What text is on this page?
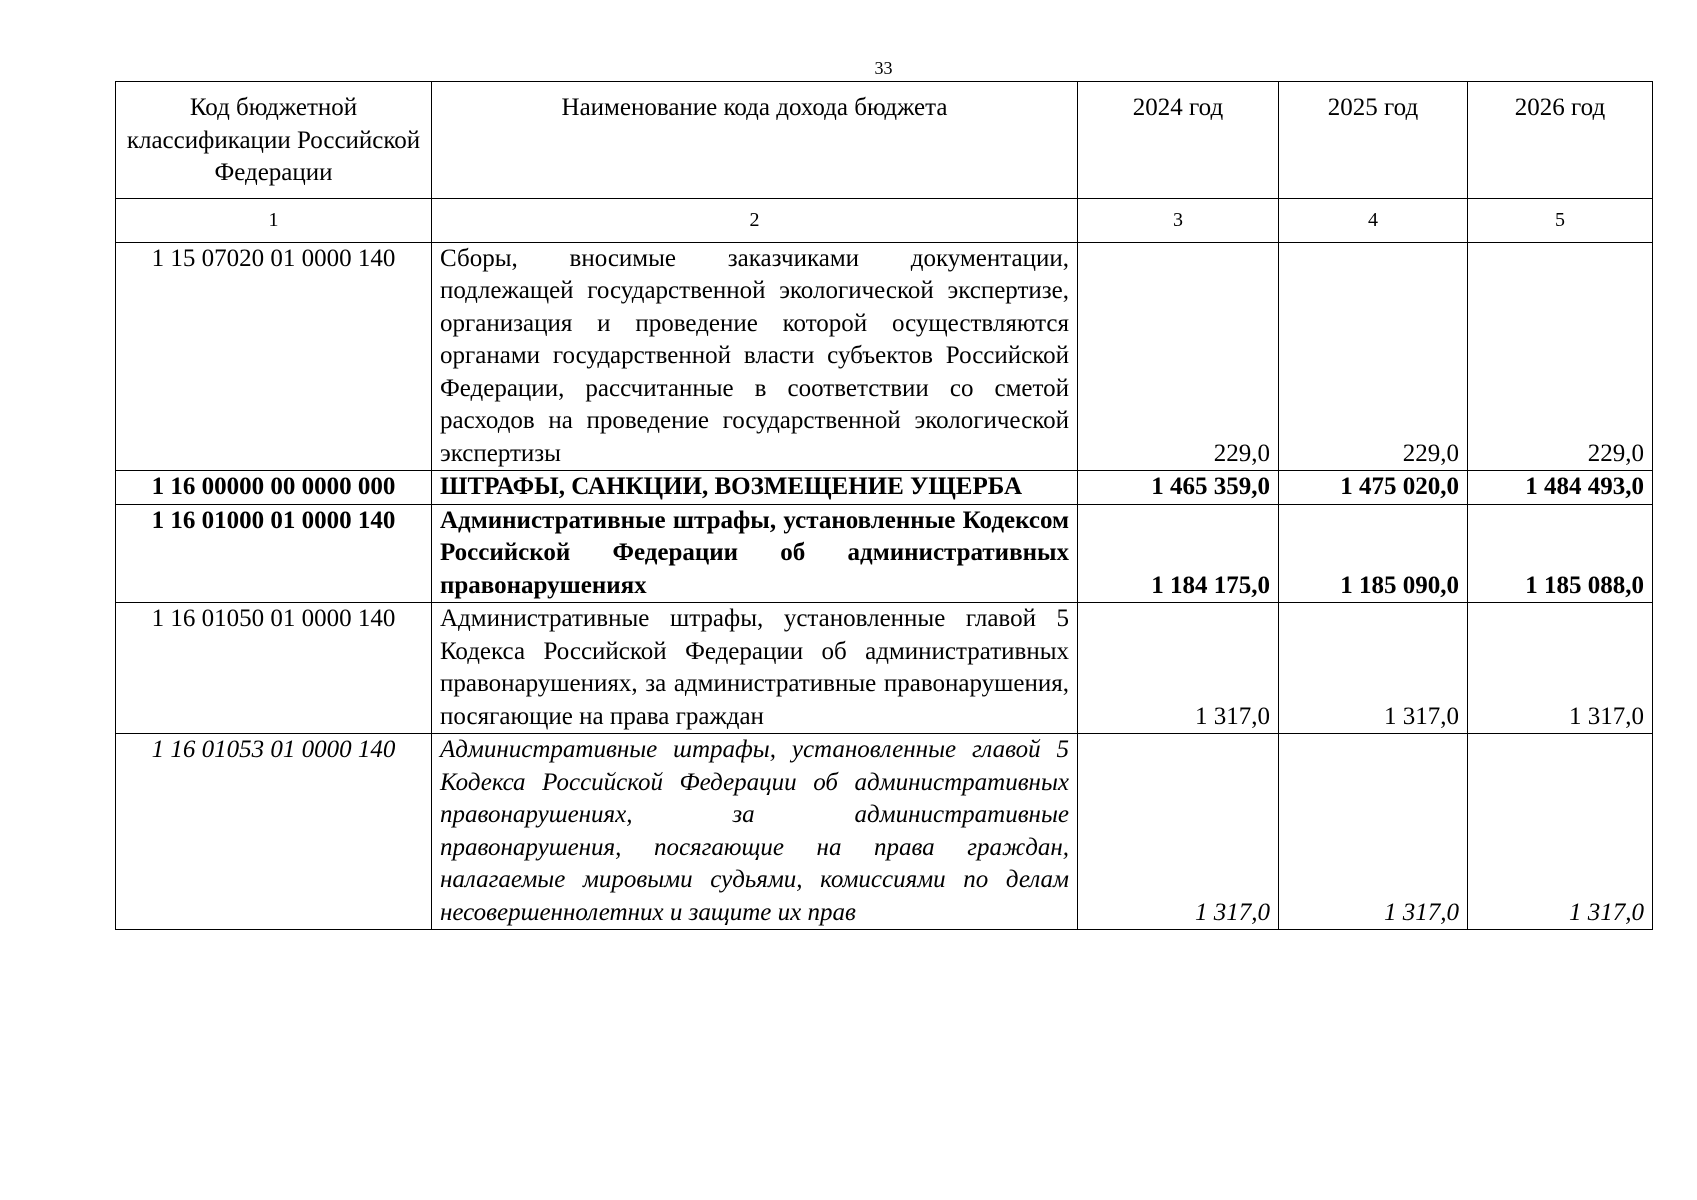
33
Код бюджетной классификации Российской Федерации	Наименование кода дохода бюджета	2024 год	2025 год	2026 год
1	2	3	4	5
1 15 07020 01 0000 140	Сборы, вносимые заказчиками документации, подлежащей государственной экологической экспертизе, организация и проведение которой осуществляются органами государственной власти субъектов Российской Федерации, рассчитанные в соответствии со сметой расходов на проведение государственной экологической экспертизы	229,0	229,0	229,0
1 16 00000 00 0000 000	ШТРАФЫ, САНКЦИИ, ВОЗМЕЩЕНИЕ УЩЕРБА	1 465 359,0	1 475 020,0	1 484 493,0
1 16 01000 01 0000 140	Административные штрафы, установленные Кодексом Российской Федерации об административных правонарушениях	1 184 175,0	1 185 090,0	1 185 088,0
1 16 01050 01 0000 140	Административные штрафы, установленные главой 5 Кодекса Российской Федерации об административных правонарушениях, за административные правонарушения, посягающие на права граждан	1 317,0	1 317,0	1 317,0
1 16 01053 01 0000 140	Административные штрафы, установленные главой 5 Кодекса Российской Федерации об административных правонарушениях, за административные правонарушения, посягающие на права граждан, налагаемые мировыми судьями, комиссиями по делам несовершеннолетних и защите их прав	1 317,0	1 317,0	1 317,0
